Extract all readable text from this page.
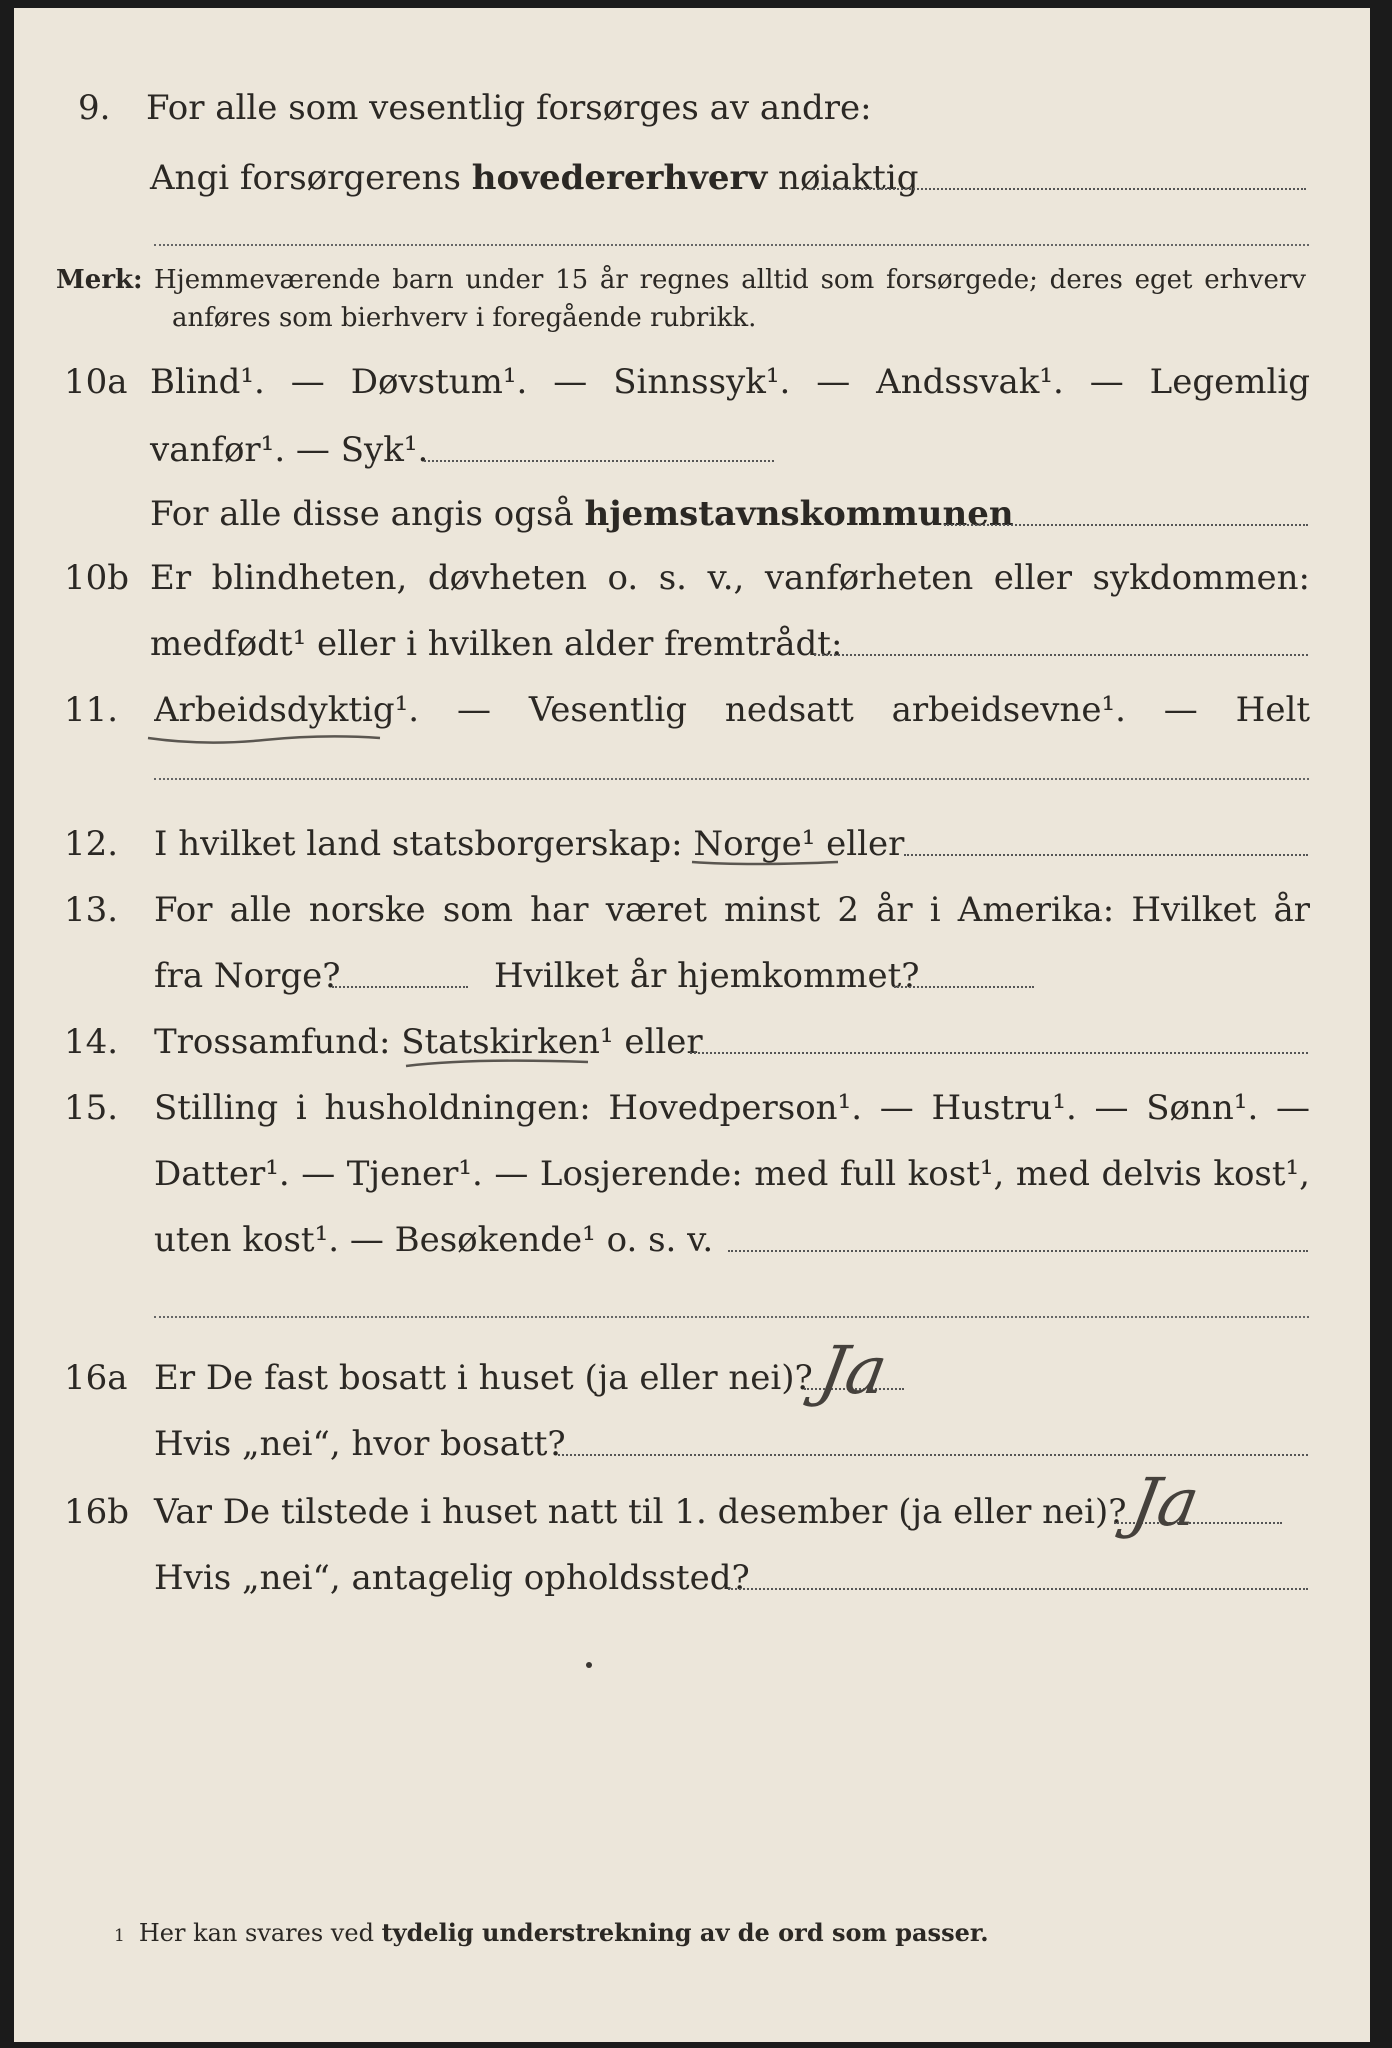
9. For alle som vesentlig forsørges av andre:
Angi forsørgerens hovedererhverv nøiaktig
Merk: Hjemmeværende barn under 15 år regnes alltid som forsørgede; deres eget erhverv
anføres som bierhverv i foregående rubrikk.
10a Blind¹. — Døvstum¹. — Sinnssyk¹. — Andssvak¹. — Legemlig
vanfør¹. — Syk¹.
For alle disse angis også hjemstavnskommunen
10b Er blindheten, døvheten o. s. v., vanførheten eller sykdommen:
medfødt¹ eller i hvilken alder fremtrådt:
11. Arbeidsdyktig¹. — Vesentlig nedsatt arbeidsevne¹. — Helt
12. I hvilket land statsborgerskap: Norge¹ eller
13. For alle norske som har været minst 2 år i Amerika: Hvilket år
fra Norge?	Hvilket år hjemkommet?
14. Trossamfund: Statskirken¹ eller
15. Stilling i husholdningen: Hovedperson¹. — Hustru¹. — Sønn¹. —
Datter¹. — Tjener¹. — Losjerende: med full kost¹, med delvis kost¹,
uten kost¹. — Besøkende¹ o. s. v.
16a Er De fast bosatt i huset (ja eller nei)? Ja
Hvis „nei“, hvor bosatt?
16b Var De tilstede i huset natt til 1. desember (ja eller nei)?
Ja
Hvis „nei“, antagelig opholdssted?
1 Her kan svares ved tydelig understrekning av de ord som passer.
